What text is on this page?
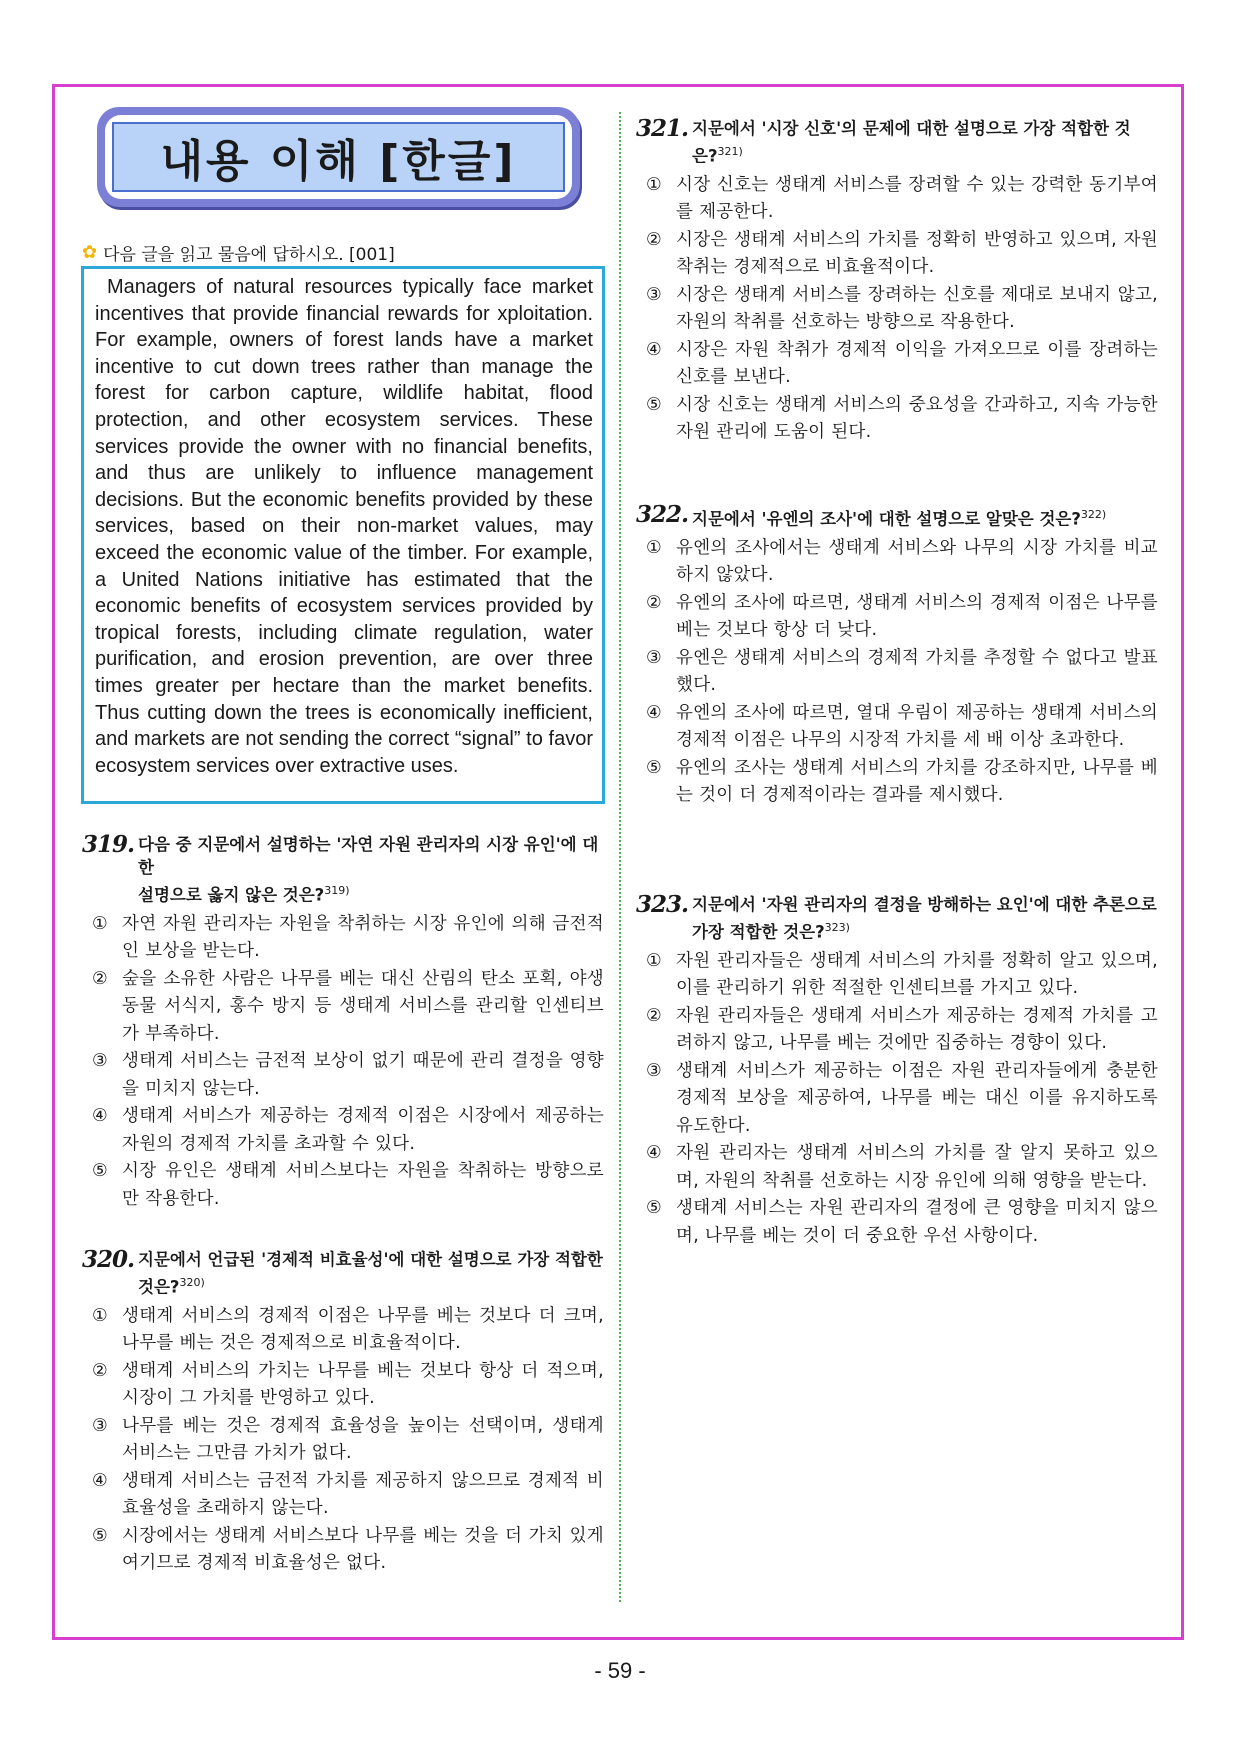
내용 이해 [한글]
✿ 다음 글을 읽고 물음에 답하시오. [001]

Managers of natural resources typically face market incentives that provide financial rewards for xploitation. For example, owners of forest lands have a market incentive to cut down trees rather than manage the forest for carbon capture, wildlife habitat, flood protection, and other ecosystem services. These services provide the owner with no financial benefits, and thus are unlikely to influence management decisions. But the economic benefits provided by these services, based on their non-market values, may exceed the economic value of the timber. For example, a United Nations initiative has estimated that the economic benefits of ecosystem services provided by tropical forests, including climate regulation, water purification, and erosion prevention, are over three times greater per hectare than the market benefits. Thus cutting down the trees is economically inefficient, and markets are not sending the correct “signal” to favor ecosystem services over extractive uses.

319. 다음 중 지문에서 설명하는 '자연 자원 관리자의 시장 유인'에 대한
설명으로 옳지 않은 것은?$^{319)}$
① 자연 자원 관리자는 자원을 착취하는 시장 유인에 의해 금전적인 보상을 받는다.
② 숲을 소유한 사람은 나무를 베는 대신 산림의 탄소 포획, 야생동물 서식지, 홍수 방지 등 생태계 서비스를 관리할 인센티브가 부족하다.
③ 생태계 서비스는 금전적 보상이 없기 때문에 관리 결정을 영향을 미치지 않는다.
④ 생태계 서비스가 제공하는 경제적 이점은 시장에서 제공하는 자원의 경제적 가치를 초과할 수 있다.
⑤ 시장 유인은 생태계 서비스보다는 자원을 착취하는 방향으로만 작용한다.
320. 지문에서 언급된 '경제적 비효율성'에 대한 설명으로 가장 적합한
것은?$^{320)}$
① 생태계 서비스의 경제적 이점은 나무를 베는 것보다 더 크며, 나무를 베는 것은 경제적으로 비효율적이다.
② 생태계 서비스의 가치는 나무를 베는 것보다 항상 더 적으며, 시장이 그 가치를 반영하고 있다.
③ 나무를 베는 것은 경제적 효율성을 높이는 선택이며, 생태계 서비스는 그만큼 가치가 없다.
④ 생태계 서비스는 금전적 가치를 제공하지 않으므로 경제적 비효율성을 초래하지 않는다.
⑤ 시장에서는 생태계 서비스보다 나무를 베는 것을 더 가치 있게 여기므로 경제적 비효율성은 없다.
321. 지문에서 '시장 신호'의 문제에 대한 설명으로 가장 적합한 것
은?$^{321)}$
① 시장 신호는 생태계 서비스를 장려할 수 있는 강력한 동기부여를 제공한다.
② 시장은 생태계 서비스의 가치를 정확히 반영하고 있으며, 자원 착취는 경제적으로 비효율적이다.
③ 시장은 생태계 서비스를 장려하는 신호를 제대로 보내지 않고, 자원의 착취를 선호하는 방향으로 작용한다.
④ 시장은 자원 착취가 경제적 이익을 가져오므로 이를 장려하는 신호를 보낸다.
⑤ 시장 신호는 생태계 서비스의 중요성을 간과하고, 지속 가능한 자원 관리에 도움이 된다.
322. 지문에서 '유엔의 조사'에 대한 설명으로 알맞은 것은?$^{322)}$
① 유엔의 조사에서는 생태계 서비스와 나무의 시장 가치를 비교하지 않았다.
② 유엔의 조사에 따르면, 생태계 서비스의 경제적 이점은 나무를 베는 것보다 항상 더 낮다.
③ 유엔은 생태계 서비스의 경제적 가치를 추정할 수 없다고 발표했다.
④ 유엔의 조사에 따르면, 열대 우림이 제공하는 생태계 서비스의 경제적 이점은 나무의 시장적 가치를 세 배 이상 초과한다.
⑤ 유엔의 조사는 생태계 서비스의 가치를 강조하지만, 나무를 베는 것이 더 경제적이라는 결과를 제시했다.
323. 지문에서 '자원 관리자의 결정을 방해하는 요인'에 대한 추론으로
가장 적합한 것은?$^{323)}$
① 자원 관리자들은 생태계 서비스의 가치를 정확히 알고 있으며, 이를 관리하기 위한 적절한 인센티브를 가지고 있다.
② 자원 관리자들은 생태계 서비스가 제공하는 경제적 가치를 고려하지 않고, 나무를 베는 것에만 집중하는 경향이 있다.
③ 생태계 서비스가 제공하는 이점은 자원 관리자들에게 충분한 경제적 보상을 제공하여, 나무를 베는 대신 이를 유지하도록 유도한다.
④ 자원 관리자는 생태계 서비스의 가치를 잘 알지 못하고 있으며, 자원의 착취를 선호하는 시장 유인에 의해 영향을 받는다.
⑤ 생태계 서비스는 자원 관리자의 결정에 큰 영향을 미치지 않으며, 나무를 베는 것이 더 중요한 우선 사항이다.
- 59 -
